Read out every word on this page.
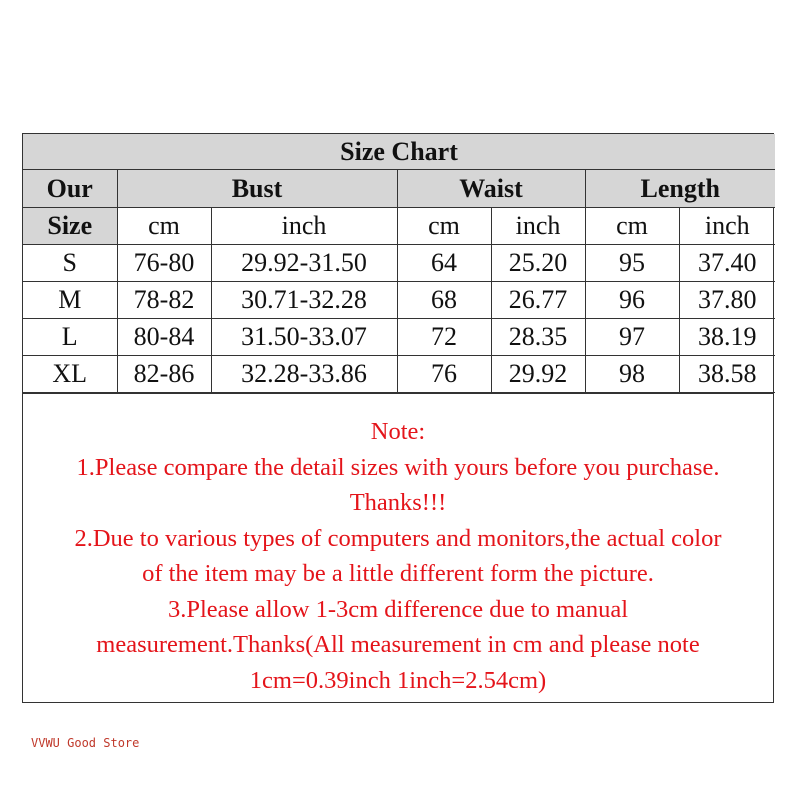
Size Chart						
Our	Bust		Waist		Length	
Size	cm	inch	cm	inch	cm	inch
S	76-80	29.92-31.50	64	25.20	95	37.40
M	78-82	30.71-32.28	68	26.77	96	37.80
L	80-84	31.50-33.07	72	28.35	97	38.19
XL	82-86	32.28-33.86	76	29.92	98	38.58
Note:
1.Please compare the detail sizes with yours before you purchase.
Thanks!!!
2.Due to various types of computers and monitors,the actual color
of the item may be a little different form the picture.
3.Please allow 1-3cm difference due to manual
measurement.Thanks(All measurement in cm and please note
1cm=0.39inch 1inch=2.54cm)
VVWU Good Store
